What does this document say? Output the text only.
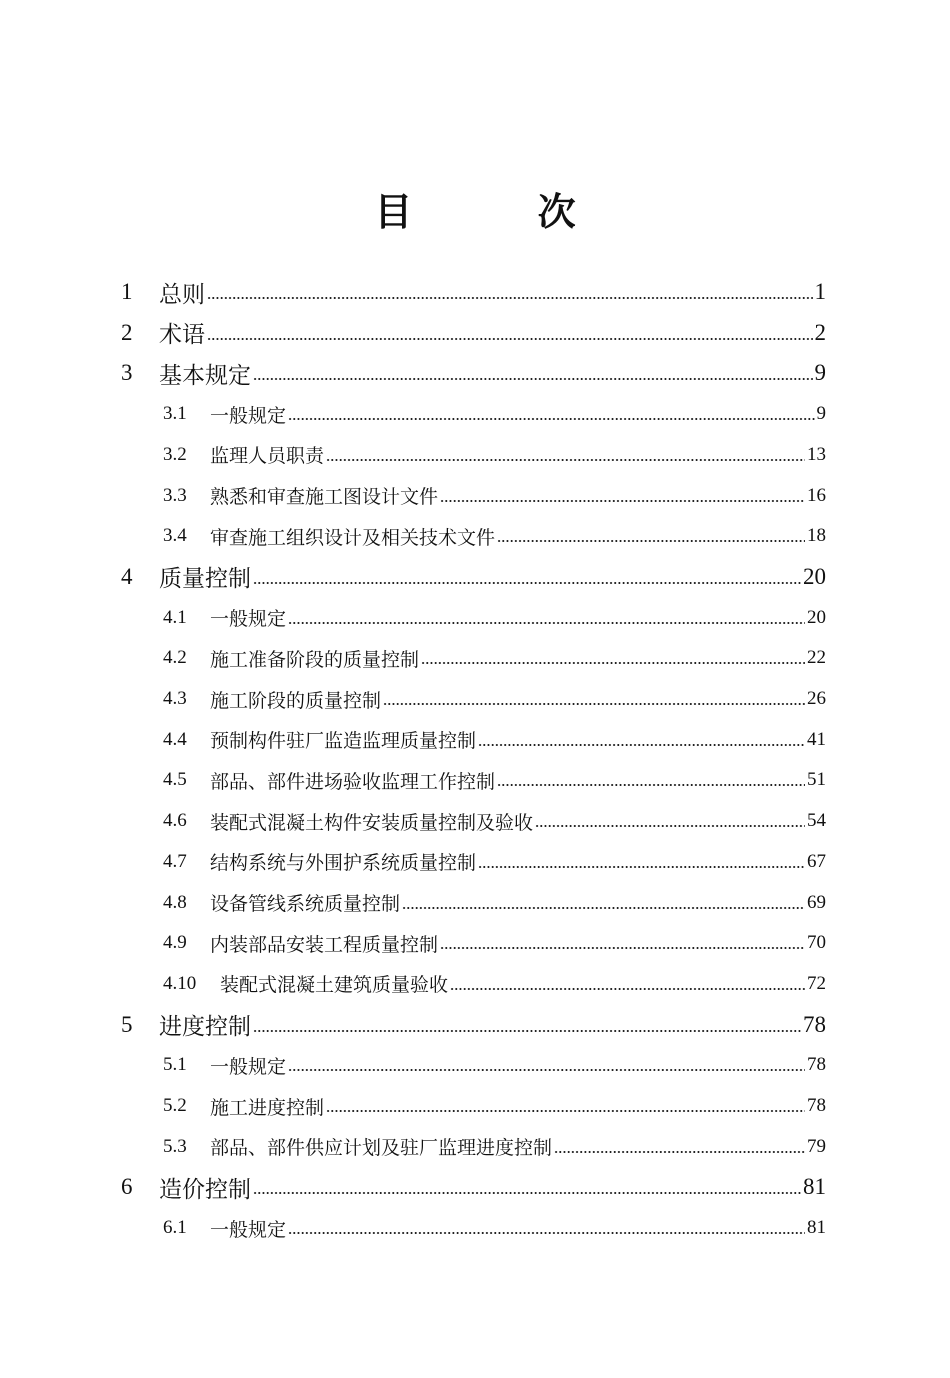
目 次
1	总则	1
2	术语	2
3	基本规定	9
3.1	一般规定	9
3.2	监理人员职责	13
3.3	熟悉和审查施工图设计文件	16
3.4	审查施工组织设计及相关技术文件	18
4	质量控制	20
4.1	一般规定	20
4.2	施工准备阶段的质量控制	22
4.3	施工阶段的质量控制	26
4.4	预制构件驻厂监造监理质量控制	41
4.5	部品、部件进场验收监理工作控制	51
4.6	装配式混凝土构件安装质量控制及验收	54
4.7	结构系统与外围护系统质量控制	67
4.8	设备管线系统质量控制	69
4.9	内装部品安装工程质量控制	70
4.10	装配式混凝土建筑质量验收	72
5	进度控制	78
5.1	一般规定	78
5.2	施工进度控制	78
5.3	部品、部件供应计划及驻厂监理进度控制	79
6	造价控制	81
6.1	一般规定	81
